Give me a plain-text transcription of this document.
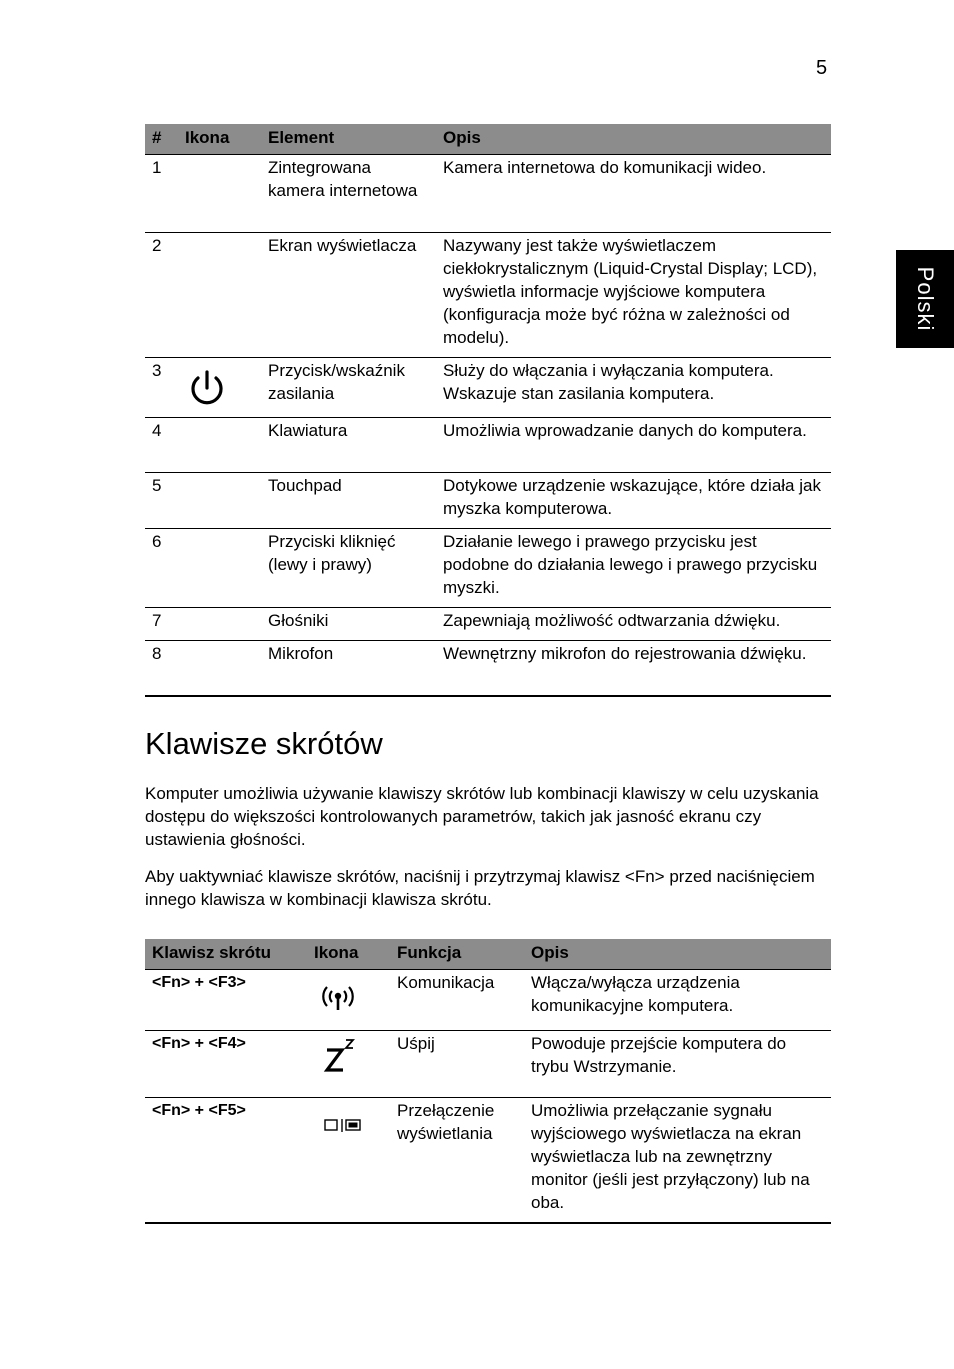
5
Polski
#	Ikona	Element	Opis
1		Zintegrowana kamera internetowa	Kamera internetowa do komunikacji wideo.
2		Ekran wyświetlacza	Nazywany jest także wyświetlaczem ciekłokrystalicznym (Liquid-Crystal Display; LCD), wyświetla informacje wyjściowe komputera (konfiguracja może być różna w zależności od modelu).
3		Przycisk/wskaźnik zasilania	Służy do włączania i wyłączania komputera. Wskazuje stan zasilania komputera.
4		Klawiatura	Umożliwia wprowadzanie danych do komputera.
5		Touchpad	Dotykowe urządzenie wskazujące, które działa jak myszka komputerowa.
6		Przyciski kliknięć (lewy i prawy)	Działanie lewego i prawego przycisku jest podobne do działania lewego i prawego przycisku myszki.
7		Głośniki	Zapewniają możliwość odtwarzania dźwięku.
8		Mikrofon	Wewnętrzny mikrofon do rejestrowania dźwięku.
Klawisze skrótów

Komputer umożliwia używanie klawiszy skrótów lub kombinacji klawiszy w celu uzyskania dostępu do większości kontrolowanych parametrów, takich jak jasność ekranu czy ustawienia głośności.

Aby uaktywniać klawisze skrótów, naciśnij i przytrzymaj klawisz <Fn> przed naciśnięciem innego klawisza w kombinacji klawisza skrótu.

Klawisz skrótu	Ikona	Funkcja	Opis
<Fn> + <F3>		Komunikacja	Włącza/wyłącza urządzenia komunikacyjne komputera.
<Fn> + <F4>		Uśpij	Powoduje przejście komputera do trybu Wstrzymanie.
<Fn> + <F5>		Przełączenie wyświetlania	Umożliwia przełączanie sygnału wyjściowego wyświetlacza na ekran wyświetlacza lub na zewnętrzny monitor (jeśli jest przyłączony) lub na oba.
